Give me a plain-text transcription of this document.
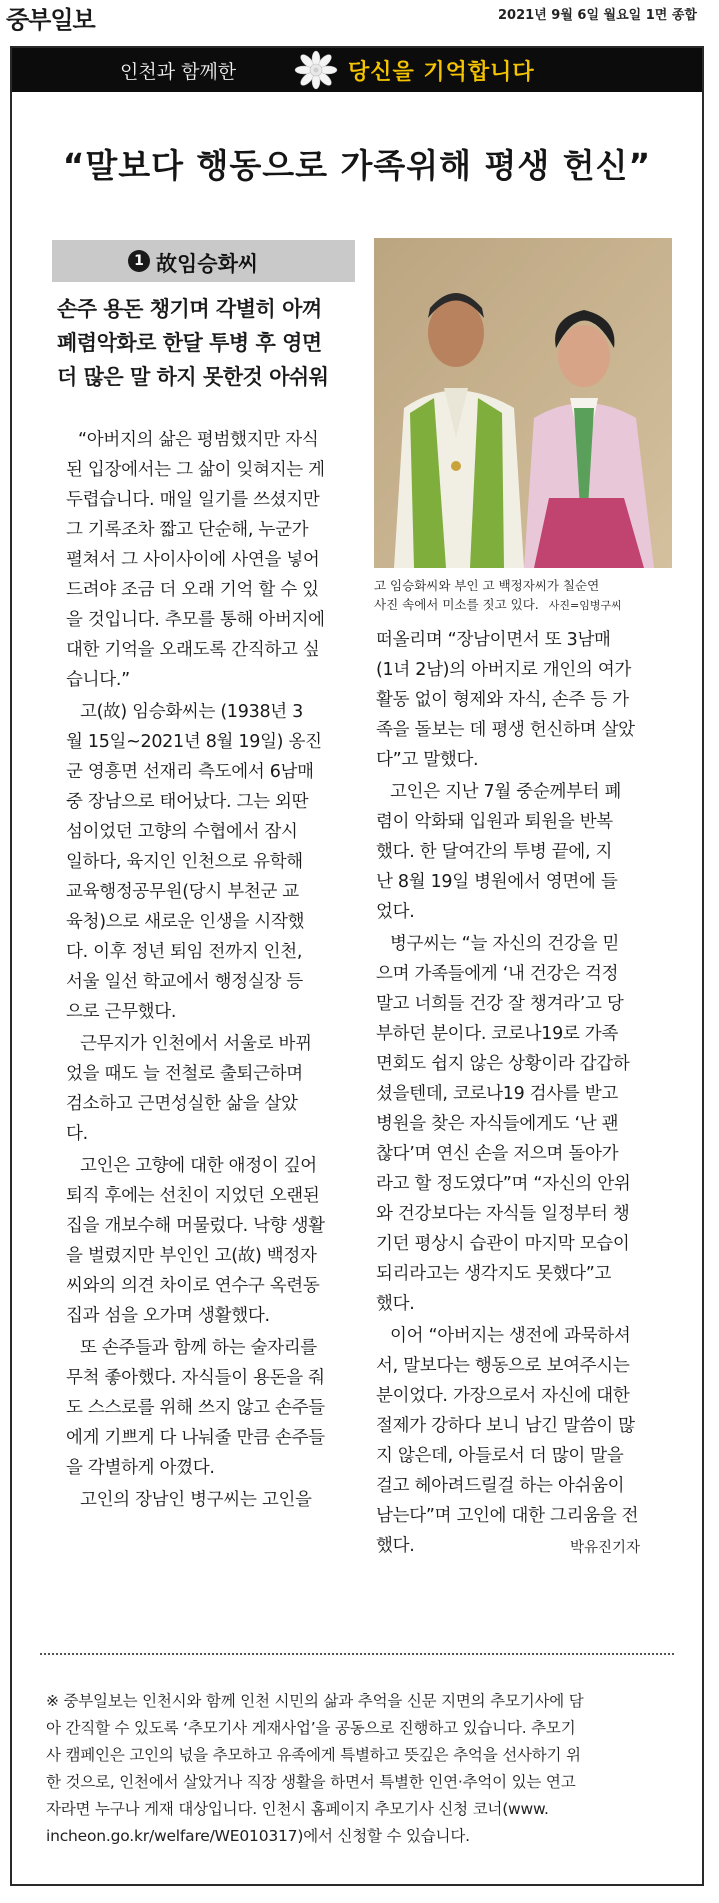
중부일보	2021년 9월 6일 월요일 1면 종합
인천과 함께한	당신을 기억합니다
“말보다 행동으로 가족위해 평생 헌신”
1 故임승화씨
손주 용돈 챙기며 각별히 아껴
폐렴악화로 한달 투병 후 영면
더 많은 말 하지 못한것 아쉬워
고 임승화씨와 부인 고 백정자씨가 칠순연
사진 속에서 미소를 짓고 있다. 사진=임병구씨
“아버지의 삶은 평범했지만 자식
된 입장에서는 그 삶이 잊혀지는 게
두렵습니다. 매일 일기를 쓰셨지만
그 기록조차 짧고 단순해, 누군가
펼쳐서 그 사이사이에 사연을 넣어
드려야 조금 더 오래 기억 할 수 있
을 것입니다. 추모를 통해 아버지에
대한 기억을 오래도록 간직하고 싶
습니다.”
고(故) 임승화씨는 (1938년 3
월 15일~2021년 8월 19일) 옹진
군 영흥면 선재리 측도에서 6남매
중 장남으로 태어났다. 그는 외딴
섬이었던 고향의 수협에서 잠시
일하다, 육지인 인천으로 유학해
교육행정공무원(당시 부천군 교
육청)으로 새로운 인생을 시작했
다. 이후 정년 퇴임 전까지 인천,
서울 일선 학교에서 행정실장 등
으로 근무했다.
근무지가 인천에서 서울로 바뀌
었을 때도 늘 전철로 출퇴근하며
검소하고 근면성실한 삶을 살았
다.
고인은 고향에 대한 애정이 깊어
퇴직 후에는 선친이 지었던 오랜된
집을 개보수해 머물렀다. 낙향 생활
을 벌렸지만 부인인 고(故) 백정자
씨와의 의견 차이로 연수구 옥련동
집과 섬을 오가며 생활했다.
또 손주들과 함께 하는 술자리를
무척 좋아했다. 자식들이 용돈을 줘
도 스스로를 위해 쓰지 않고 손주들
에게 기쁘게 다 나눠줄 만큼 손주들
을 각별하게 아꼈다.
고인의 장남인 병구씨는 고인을
떠올리며 “장남이면서 또 3남매
(1녀 2남)의 아버지로 개인의 여가
활동 없이 형제와 자식, 손주 등 가
족을 돌보는 데 평생 헌신하며 살았
다”고 말했다.
고인은 지난 7월 중순께부터 폐
렴이 악화돼 입원과 퇴원을 반복
했다. 한 달여간의 투병 끝에, 지
난 8월 19일 병원에서 영면에 들
었다.
병구씨는 “늘 자신의 건강을 믿
으며 가족들에게 ‘내 건강은 걱정
말고 너희들 건강 잘 챙겨라’고 당
부하던 분이다. 코로나19로 가족
면회도 쉽지 않은 상황이라 갑갑하
셨을텐데, 코로나19 검사를 받고
병원을 찾은 자식들에게도 ‘난 괜
찮다’며 연신 손을 저으며 돌아가
라고 할 정도였다”며 “자신의 안위
와 건강보다는 자식들 일정부터 챙
기던 평상시 습관이 마지막 모습이
되리라고는 생각지도 못했다”고
했다.
이어 “아버지는 생전에 과묵하셔
서, 말보다는 행동으로 보여주시는
분이었다. 가장으로서 자신에 대한
절제가 강하다 보니 남긴 말씀이 많
지 않은데, 아들로서 더 많이 말을
걸고 헤아려드릴걸 하는 아쉬움이
남는다”며 고인에 대한 그리움을 전
했다.	박유진기자
※ 중부일보는 인천시와 함께 인천 시민의 삶과 추억을 신문 지면의 추모기사에 담
아 간직할 수 있도록 ‘추모기사 게재사업’을 공동으로 진행하고 있습니다. 추모기
사 캠페인은 고인의 넋을 추모하고 유족에게 특별하고 뜻깊은 추억을 선사하기 위
한 것으로, 인천에서 살았거나 직장 생활을 하면서 특별한 인연·추억이 있는 연고
자라면 누구나 게재 대상입니다. 인천시 홈페이지 추모기사 신청 코너(www.
incheon.go.kr/welfare/WE010317)에서 신청할 수 있습니다.
